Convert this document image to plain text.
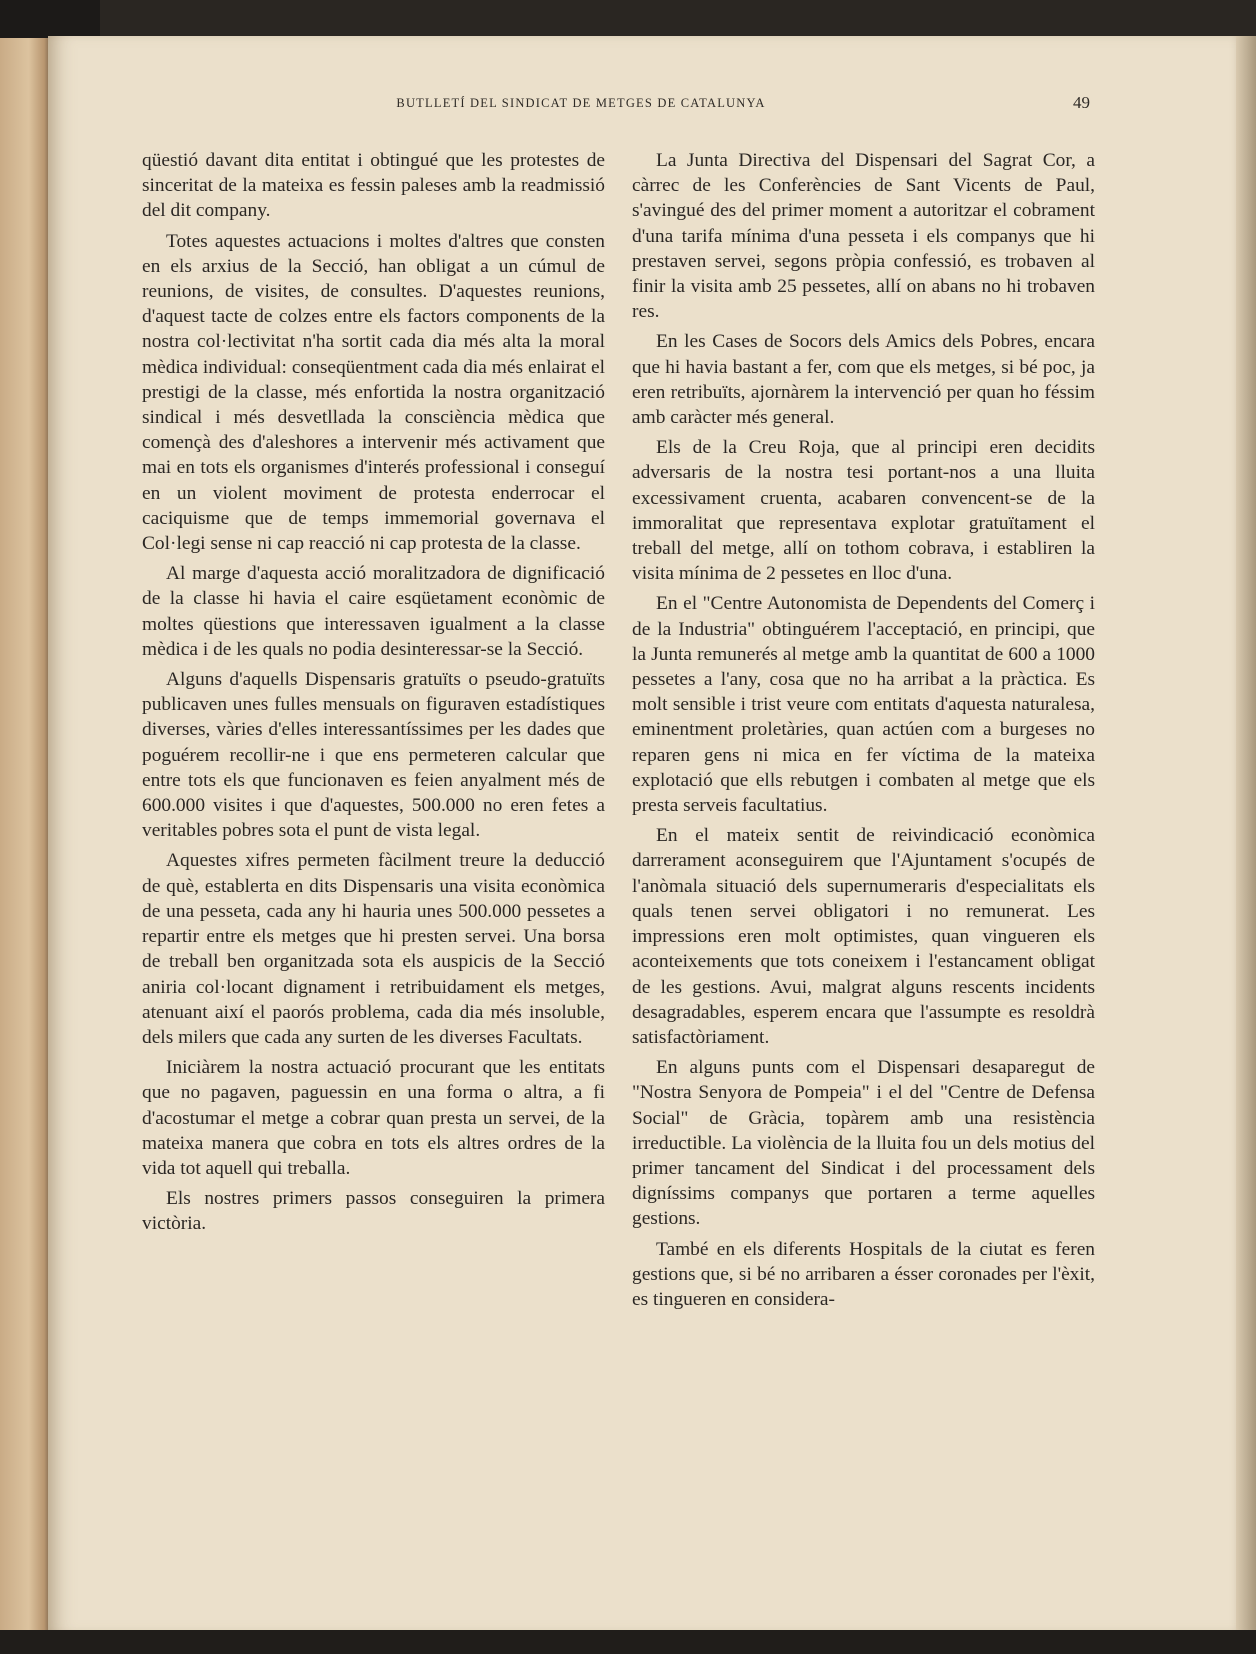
BUTLLETÍ DEL SINDICAT DE METGES DE CATALUNYA	49

qüestió davant dita entitat i obtingué que les protestes de sinceritat de la mateixa es fessin paleses amb la readmissió del dit company.

Totes aquestes actuacions i moltes d'altres que consten en els arxius de la Secció, han obligat a un cúmul de reunions, de visites, de consultes. D'aquestes reunions, d'aquest tacte de colzes entre els factors components de la nostra col·lectivitat n'ha sortit cada dia més alta la moral mèdica individual: conseqüentment cada dia més enlairat el prestigi de la classe, més enfortida la nostra organització sindical i més desvetllada la consciència mèdica que començà des d'aleshores a intervenir més activament que mai en tots els organismes d'interés professional i conseguí en un violent moviment de protesta enderrocar el caciquisme que de temps immemorial governava el Col·legi sense ni cap reacció ni cap protesta de la classe.

Al marge d'aquesta acció moralitzadora de dignificació de la classe hi havia el caire esqüetament econòmic de moltes qüestions que interessaven igualment a la classe mèdica i de les quals no podia desinteressar-se la Secció.

Alguns d'aquells Dispensaris gratuïts o pseudo-gratuïts publicaven unes fulles mensuals on figuraven estadístiques diverses, vàries d'elles interessantíssimes per les dades que poguérem recollir-ne i que ens permeteren calcular que entre tots els que funcionaven es feien anyalment més de 600.000 visites i que d'aquestes, 500.000 no eren fetes a veritables pobres sota el punt de vista legal.

Aquestes xifres permeten fàcilment treure la deducció de què, establerta en dits Dispensaris una visita econòmica de una pesseta, cada any hi hauria unes 500.000 pessetes a repartir entre els metges que hi presten servei. Una borsa de treball ben organitzada sota els auspicis de la Secció aniria col·locant dignament i retribuidament els metges, atenuant així el paorós problema, cada dia més insoluble, dels milers que cada any surten de les diverses Facultats.

Iniciàrem la nostra actuació procurant que les entitats que no pagaven, paguessin en una forma o altra, a fi d'acostumar el metge a cobrar quan presta un servei, de la mateixa manera que cobra en tots els altres ordres de la vida tot aquell qui treballa.

Els nostres primers passos conseguiren la primera victòria.

La Junta Directiva del Dispensari del Sagrat Cor, a càrrec de les Conferències de Sant Vicents de Paul, s'avingué des del primer moment a autoritzar el cobrament d'una tarifa mínima d'una pesseta i els companys que hi prestaven servei, segons pròpia confessió, es trobaven al finir la visita amb 25 pessetes, allí on abans no hi trobaven res.

En les Cases de Socors dels Amics dels Pobres, encara que hi havia bastant a fer, com que els metges, si bé poc, ja eren retribuïts, ajornàrem la intervenció per quan ho féssim amb caràcter més general.

Els de la Creu Roja, que al principi eren decidits adversaris de la nostra tesi portant-nos a una lluita excessivament cruenta, acabaren convencent-se de la immoralitat que representava explotar gratuïtament el treball del metge, allí on tothom cobrava, i establiren la visita mínima de 2 pessetes en lloc d'una.

En el "Centre Autonomista de Dependents del Comerç i de la Industria" obtinguérem l'acceptació, en principi, que la Junta remunerés al metge amb la quantitat de 600 a 1000 pessetes a l'any, cosa que no ha arribat a la pràctica. Es molt sensible i trist veure com entitats d'aquesta naturalesa, eminentment proletàries, quan actúen com a burgeses no reparen gens ni mica en fer víctima de la mateixa explotació que ells rebutgen i combaten al metge que els presta serveis facultatius.

En el mateix sentit de reivindicació econòmica darrerament aconseguirem que l'Ajuntament s'ocupés de l'anòmala situació dels supernumeraris d'especialitats els quals tenen servei obligatori i no remunerat. Les impressions eren molt optimistes, quan vingueren els aconteixements que tots coneixem i l'estancament obligat de les gestions. Avui, malgrat alguns rescents incidents desagradables, esperem encara que l'assumpte es resoldrà satisfactòriament.

En alguns punts com el Dispensari desaparegut de "Nostra Senyora de Pompeia" i el del "Centre de Defensa Social" de Gràcia, topàrem amb una resistència irreductible. La violència de la lluita fou un dels motius del primer tancament del Sindicat i del processament dels digníssims companys que portaren a terme aquelles gestions.

També en els diferents Hospitals de la ciutat es feren gestions que, si bé no arribaren a ésser coronades per l'èxit, es tingueren en considera-
